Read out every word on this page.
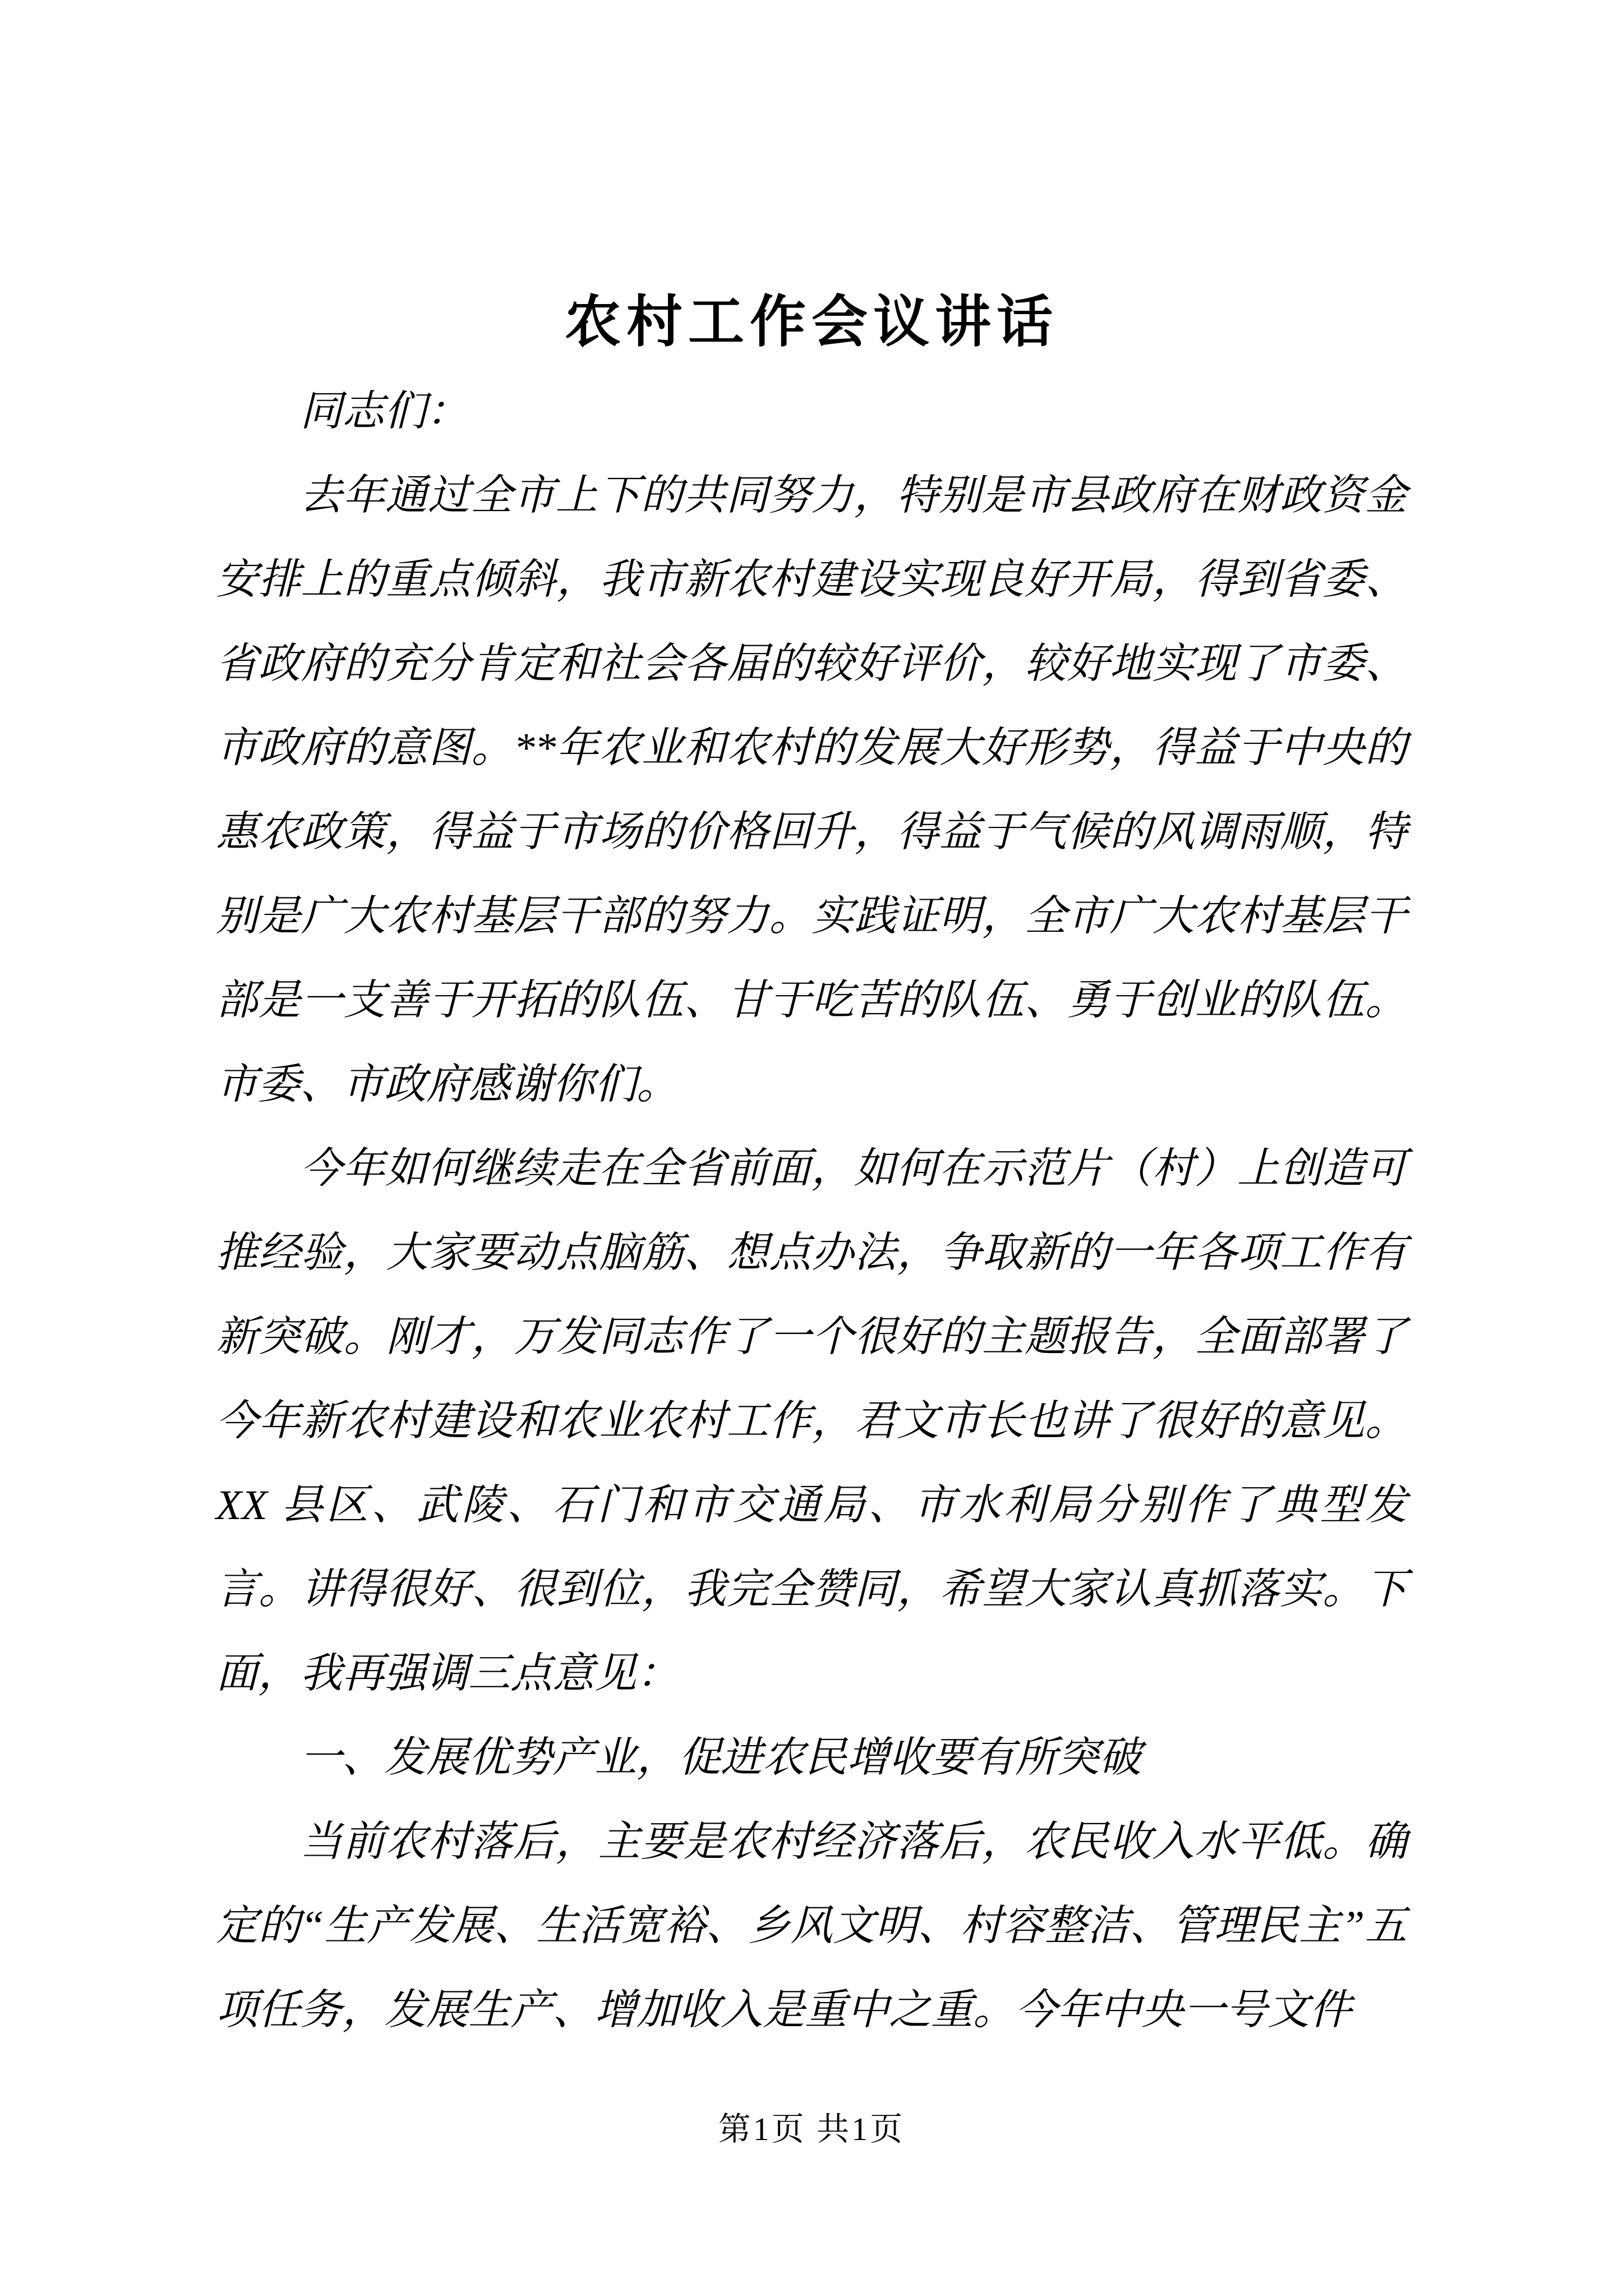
农村工作会议讲话

同志们：

去年通过全市上下的共同努力，特别是市县政府在财政资金安排上的重点倾斜，我市新农村建设实现良好开局，得到省委、省政府的充分肯定和社会各届的较好评价，较好地实现了市委、市政府的意图。**年农业和农村的发展大好形势，得益于中央的惠农政策，得益于市场的价格回升，得益于气候的风调雨顺，特别是广大农村基层干部的努力。实践证明，全市广大农村基层干部是一支善于开拓的队伍、甘于吃苦的队伍、勇于创业的队伍。市委、市政府感谢你们。

今年如何继续走在全省前面，如何在示范片（村）上创造可推经验，大家要动点脑筋、想点办法，争取新的一年各项工作有新突破。刚才，万发同志作了一个很好的主题报告，全面部署了今年新农村建设和农业农村工作，君文市长也讲了很好的意见。XX 县区、武陵、石门和市交通局、市水利局分别作了典型发言。讲得很好、很到位，我完全赞同，希望大家认真抓落实。下面，我再强调三点意见：

一、发展优势产业，促进农民增收要有所突破

当前农村落后，主要是农村经济落后，农民收入水平低。确定的“生产发展、生活宽裕、乡风文明、村容整洁、管理民主”五项任务，发展生产、增加收入是重中之重。今年中央一号文件

第1页 共1页
